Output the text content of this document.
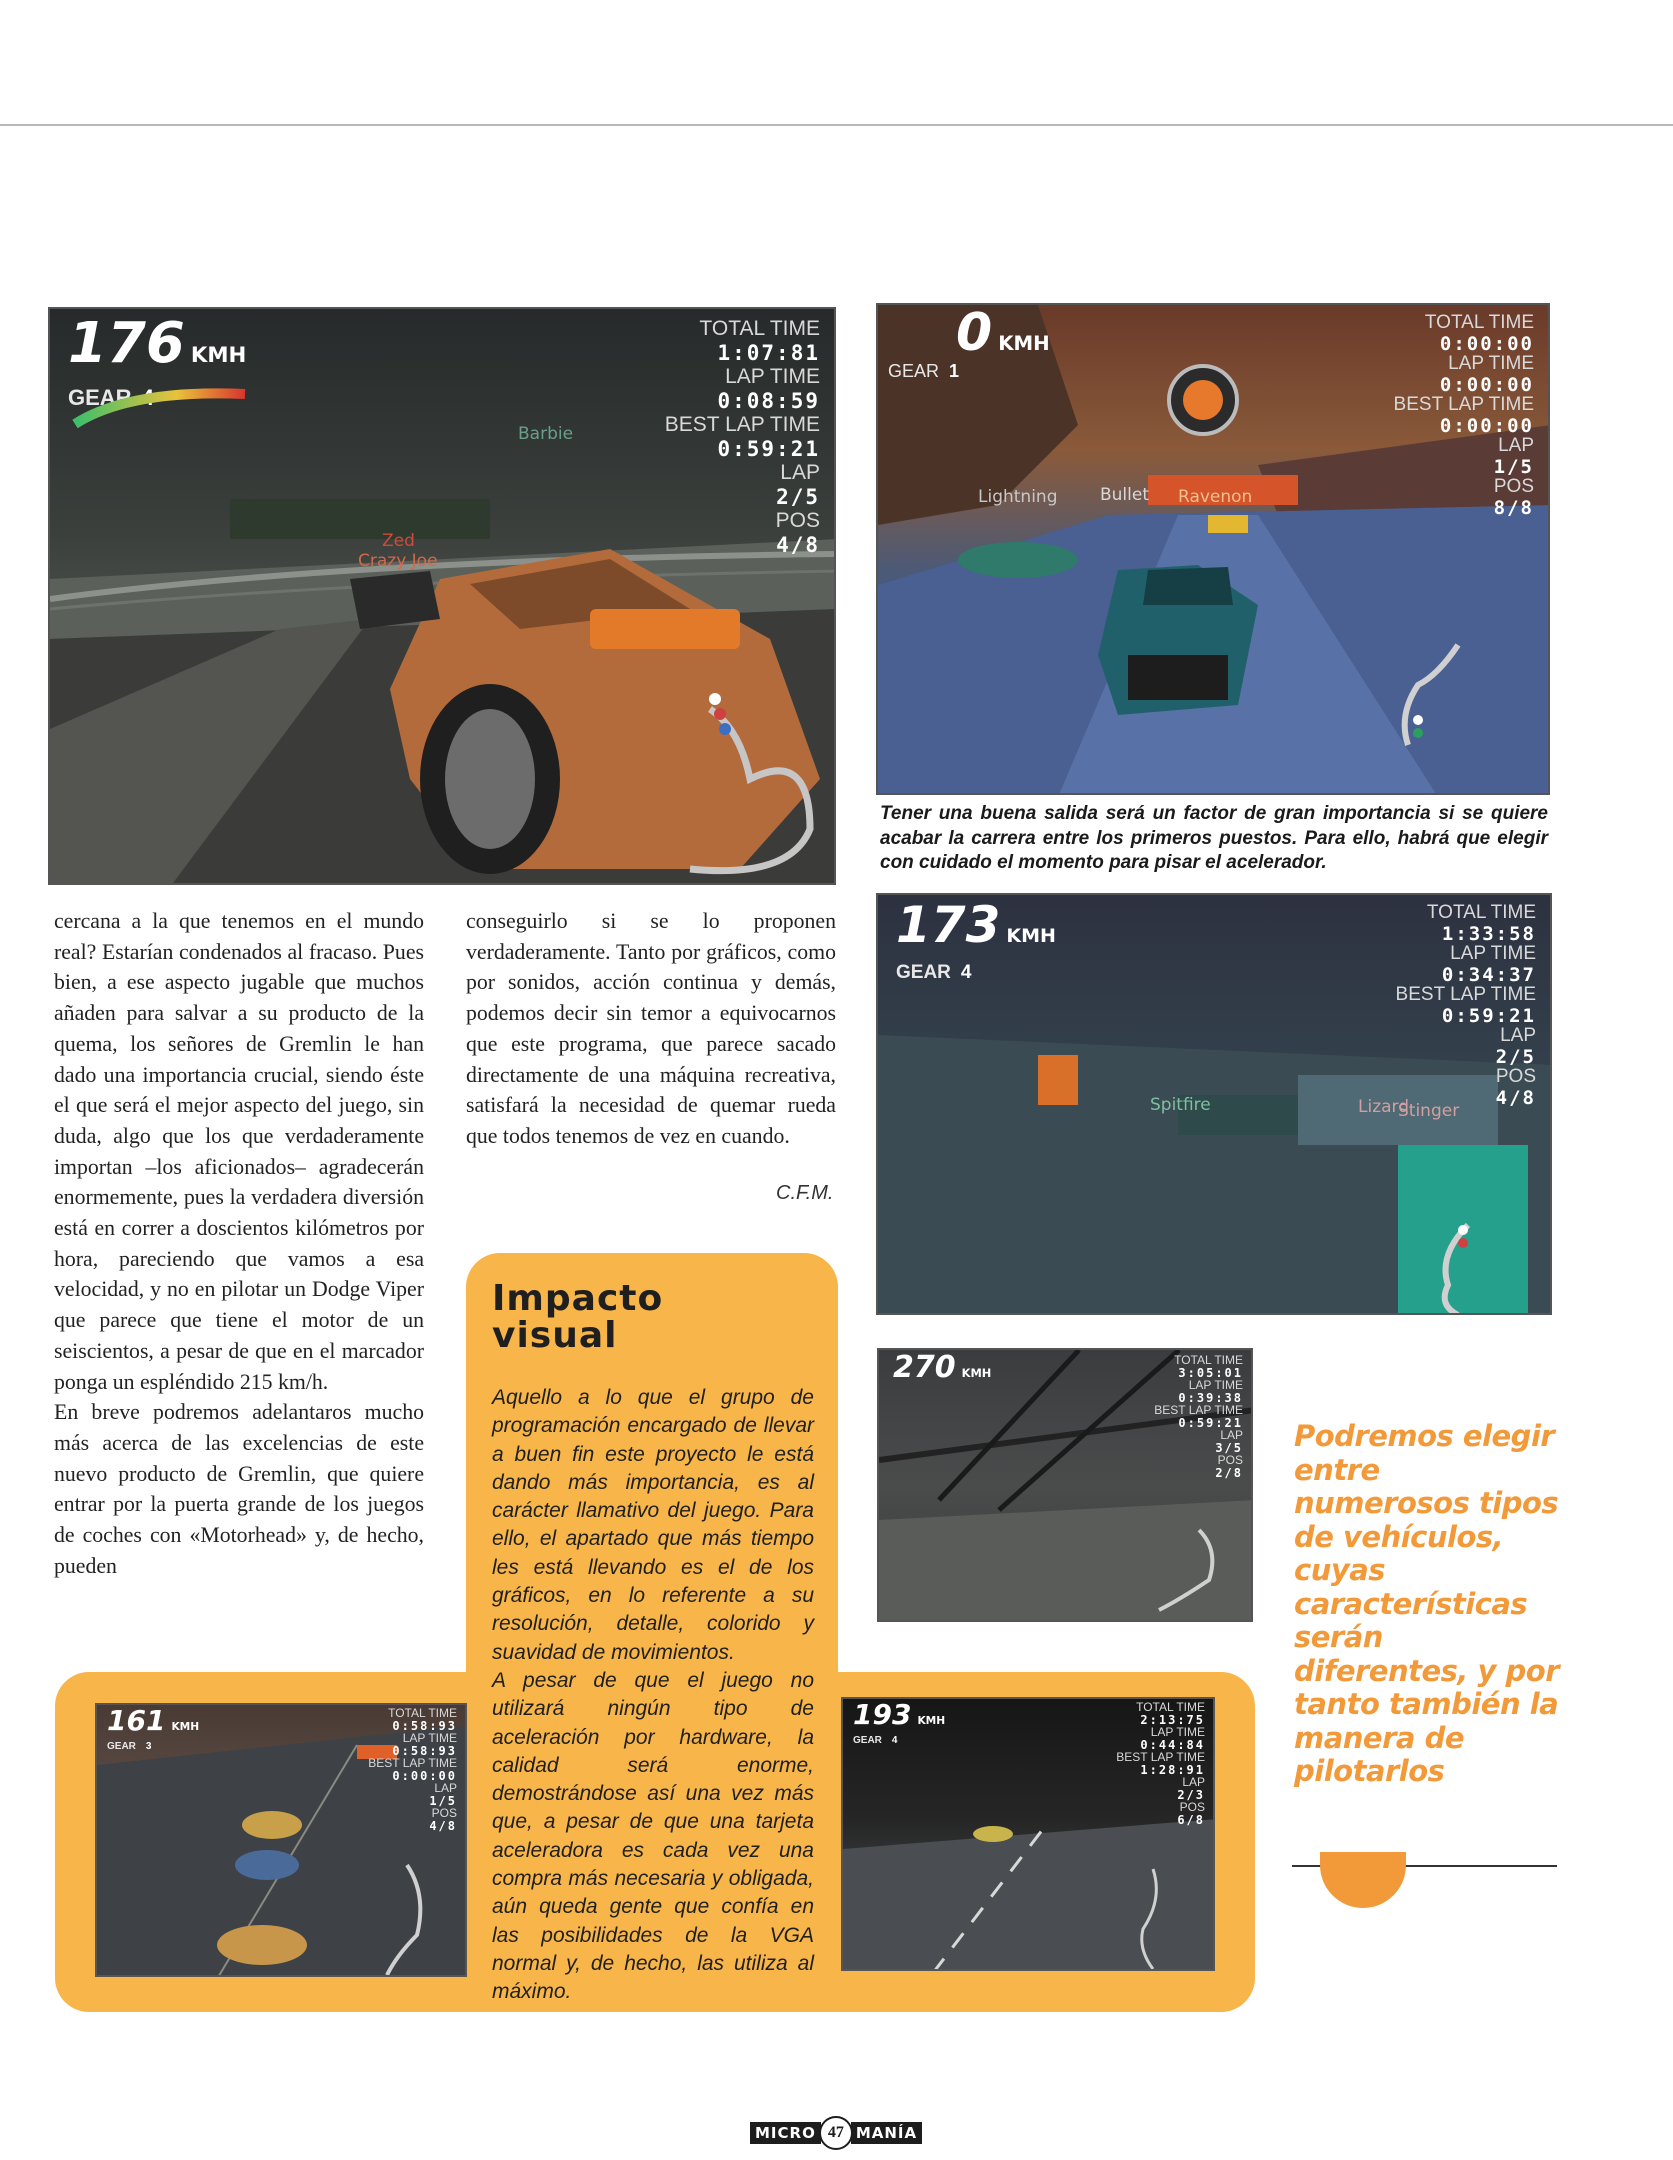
176 KMH
GEAR 4
TOTAL TIME
1:07:81
LAP TIME
0:08:59
BEST LAP TIME
0:59:21
LAP
2/5
POS
4/8
Barbie
Zed
Crazy Joe
0 KMH
GEAR 1
TOTAL TIME
0:00:00
LAP TIME
0:00:00
BEST LAP TIME
0:00:00
LAP
1/5
POS
8/8
Lightning	Bullet Ravenon
Tener una buena salida será un factor de gran importancia si se quiere acabar la carrera entre los primeros puestos. Para ello, habrá que elegir con cuidado el momento para pisar el acelerador.
173 KMH
GEAR 4
TOTAL TIME
1:33:58
LAP TIME
0:34:37
BEST LAP TIME
0:59:21
LAP
2/5
POS
4/8
Spitfire	Lizard
Stinger
270 KMH
TOTAL TIME
3:05:01
LAP TIME
0:39:38
BEST LAP TIME
0:59:21
LAP
3/5
POS
2/8

cercana a la que tenemos en el mundo real? Estarían condenados al fracaso. Pues bien, a ese aspecto jugable que muchos añaden para salvar a su producto de la quema, los señores de Gremlin le han dado una importancia crucial, siendo éste el que será el mejor aspecto del juego, sin duda, algo que los que verdaderamente importan –los aficionados– agradecerán enormemente, pues la verdadera diversión está en correr a doscientos kilómetros por hora, pareciendo que vamos a esa velocidad, y no en pilotar un Dodge Viper que parece que tiene el motor de un seiscientos, a pesar de que en el marcador ponga un espléndido 215 km/h.

En breve podremos adelantaros mucho más acerca de las excelencias de este nuevo producto de Gremlin, que quiere entrar por la puerta grande de los juegos de coches con «Motorhead» y, de hecho, pueden

conseguirlo si se lo proponen verdaderamente. Tanto por gráficos, como por sonidos, acción continua y demás, podemos decir sin temor a equivocarnos que este programa, que parece sacado directamente de una máquina recreativa, satisfará la necesidad de quemar rueda que todos tenemos de vez en cuando.

C.F.M.
Impacto
visual
Aquello a lo que el grupo de programación encargado de llevar a buen fin este proyecto le está dando más importancia, es al carácter llamativo del juego. Para ello, el apartado que más tiempo les está llevando es el de los gráficos, en lo referente a su resolución, detalle, colorido y suavidad de movimientos.
A pesar de que el juego no utilizará ningún tipo de aceleración por hardware, la calidad será enorme, demostrándose así una vez más que, a pesar de que una tarjeta aceleradora es cada vez una compra más necesaria y obligada, aún queda gente que confía en las posibilidades de la VGA normal y, de hecho, las utiliza al máximo.
161 KMH
GEAR 3
TOTAL TIME
0:58:93
LAP TIME
0:58:93
BEST LAP TIME
0:00:00
LAP
1/5
POS
4/8
193 KMH
GEAR 4
TOTAL TIME
2:13:75
LAP TIME
0:44:84
BEST LAP TIME
1:28:91
LAP
2/3
POS
6/8
Podremos elegir entre numerosos tipos de vehículos, cuyas características serán diferentes, y por tanto también la manera de pilotarlos
MICRO 47 MANÍA
